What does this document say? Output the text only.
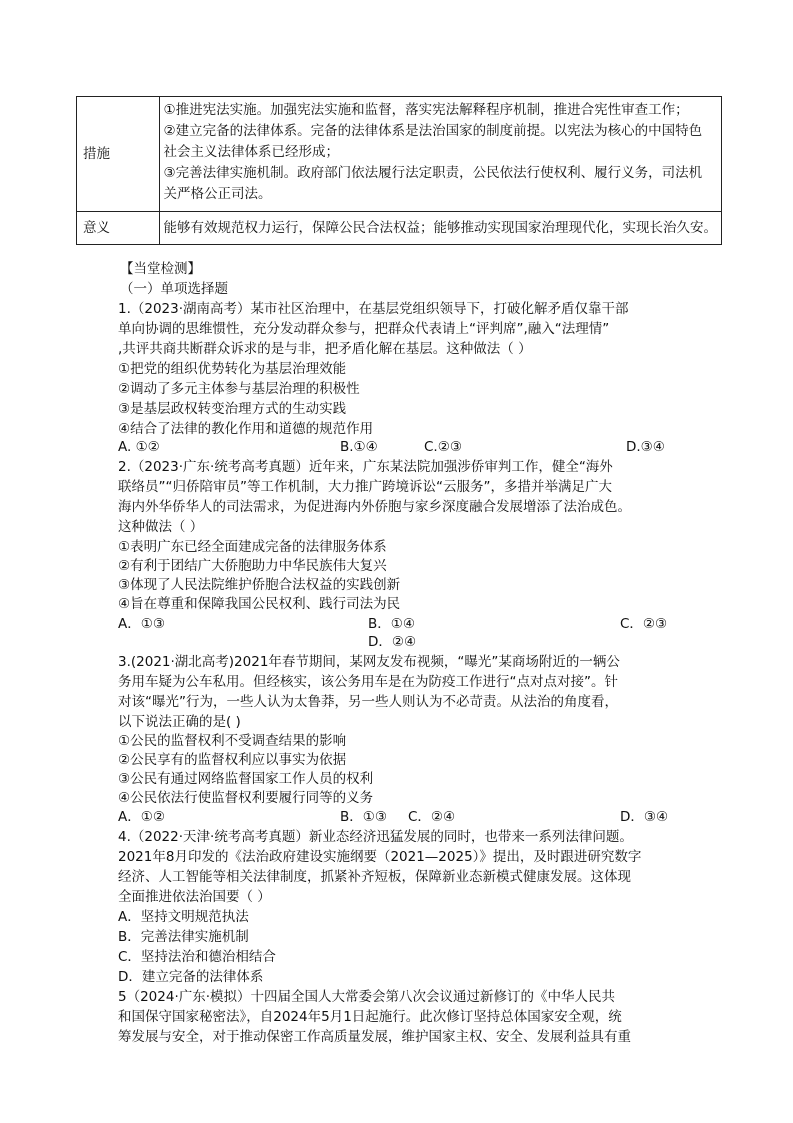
措施	①推进宪法实施。加强宪法实施和监督，落实宪法解释程序机制，推进合宪性审查工作；
②建立完备的法律体系。完备的法律体系是法治国家的制度前提。以宪法为核心的中国特色
社会主义法律体系已经形成；
③完善法律实施机制。政府部门依法履行法定职责，公民依法行使权利、履行义务，司法机
关严格公正司法。

意义	能够有效规范权力运行，保障公民合法权益；能够推动实现国家治理现代化，实现长治久安。
【当堂检测】
（一）单项选择题
1.（2023·湖南高考）某市社区治理中，在基层党组织领导下，打破化解矛盾仅靠干部
单向协调的思维惯性，充分发动群众参与，把群众代表请上“评判席”,融入“法理情”
,共评共商共断群众诉求的是与非，把矛盾化解在基层。这种做法（ ）
①把党的组织优势转化为基层治理效能
②调动了多元主体参与基层治理的积极性
③是基层政权转变治理方式的生动实践
④结合了法律的教化作用和道德的规范作用
A. ①②	B.①④	C.②③	D.③④
2.（2023·广东·统考高考真题）近年来，广东某法院加强涉侨审判工作，健全“海外
联络员”“归侨陪审员”等工作机制，大力推广跨境诉讼“云服务”，多措并举满足广大
海内外华侨华人的司法需求，为促进海内外侨胞与家乡深度融合发展增添了法治成色。
这种做法（ ）
①表明广东已经全面建成完备的法律服务体系
②有利于团结广大侨胞助力中华民族伟大复兴
③体现了人民法院维护侨胞合法权益的实践创新
④旨在尊重和保障我国公民权利、践行司法为民
A．①③	B．①④	C．②③
D．②④
3.(2021·湖北高考)2021年春节期间，某网友发布视频，“曝光”某商场附近的一辆公
务用车疑为公车私用。但经核实，该公务用车是在为防疫工作进行“点对点对接”。针
对该“曝光”行为，一些人认为太鲁莽，另一些人则认为不必苛责。从法治的角度看，
以下说法正确的是( )
①公民的监督权利不受调查结果的影响
②公民享有的监督权利应以事实为依据
③公民有通过网络监督国家工作人员的权利
④公民依法行使监督权利要履行同等的义务
A．①②	B．①③ C．②④	D．③④
4.（2022·天津·统考高考真题）新业态经济迅猛发展的同时，也带来一系列法律问题。
2021年8月印发的《法治政府建设实施纲要（2021—2025）》提出，及时跟进研究数字
经济、人工智能等相关法律制度，抓紧补齐短板，保障新业态新模式健康发展。这体现
全面推进依法治国要（ ）
A．坚持文明规范执法
B．完善法律实施机制
C．坚持法治和德治相结合
D．建立完备的法律体系
5（2024·广东·模拟）十四届全国人大常委会第八次会议通过新修订的《中华人民共
和国保守国家秘密法》，自2024年5月1日起施行。此次修订坚持总体国家安全观，统
筹发展与安全，对于推动保密工作高质量发展，维护国家主权、安全、发展利益具有重
